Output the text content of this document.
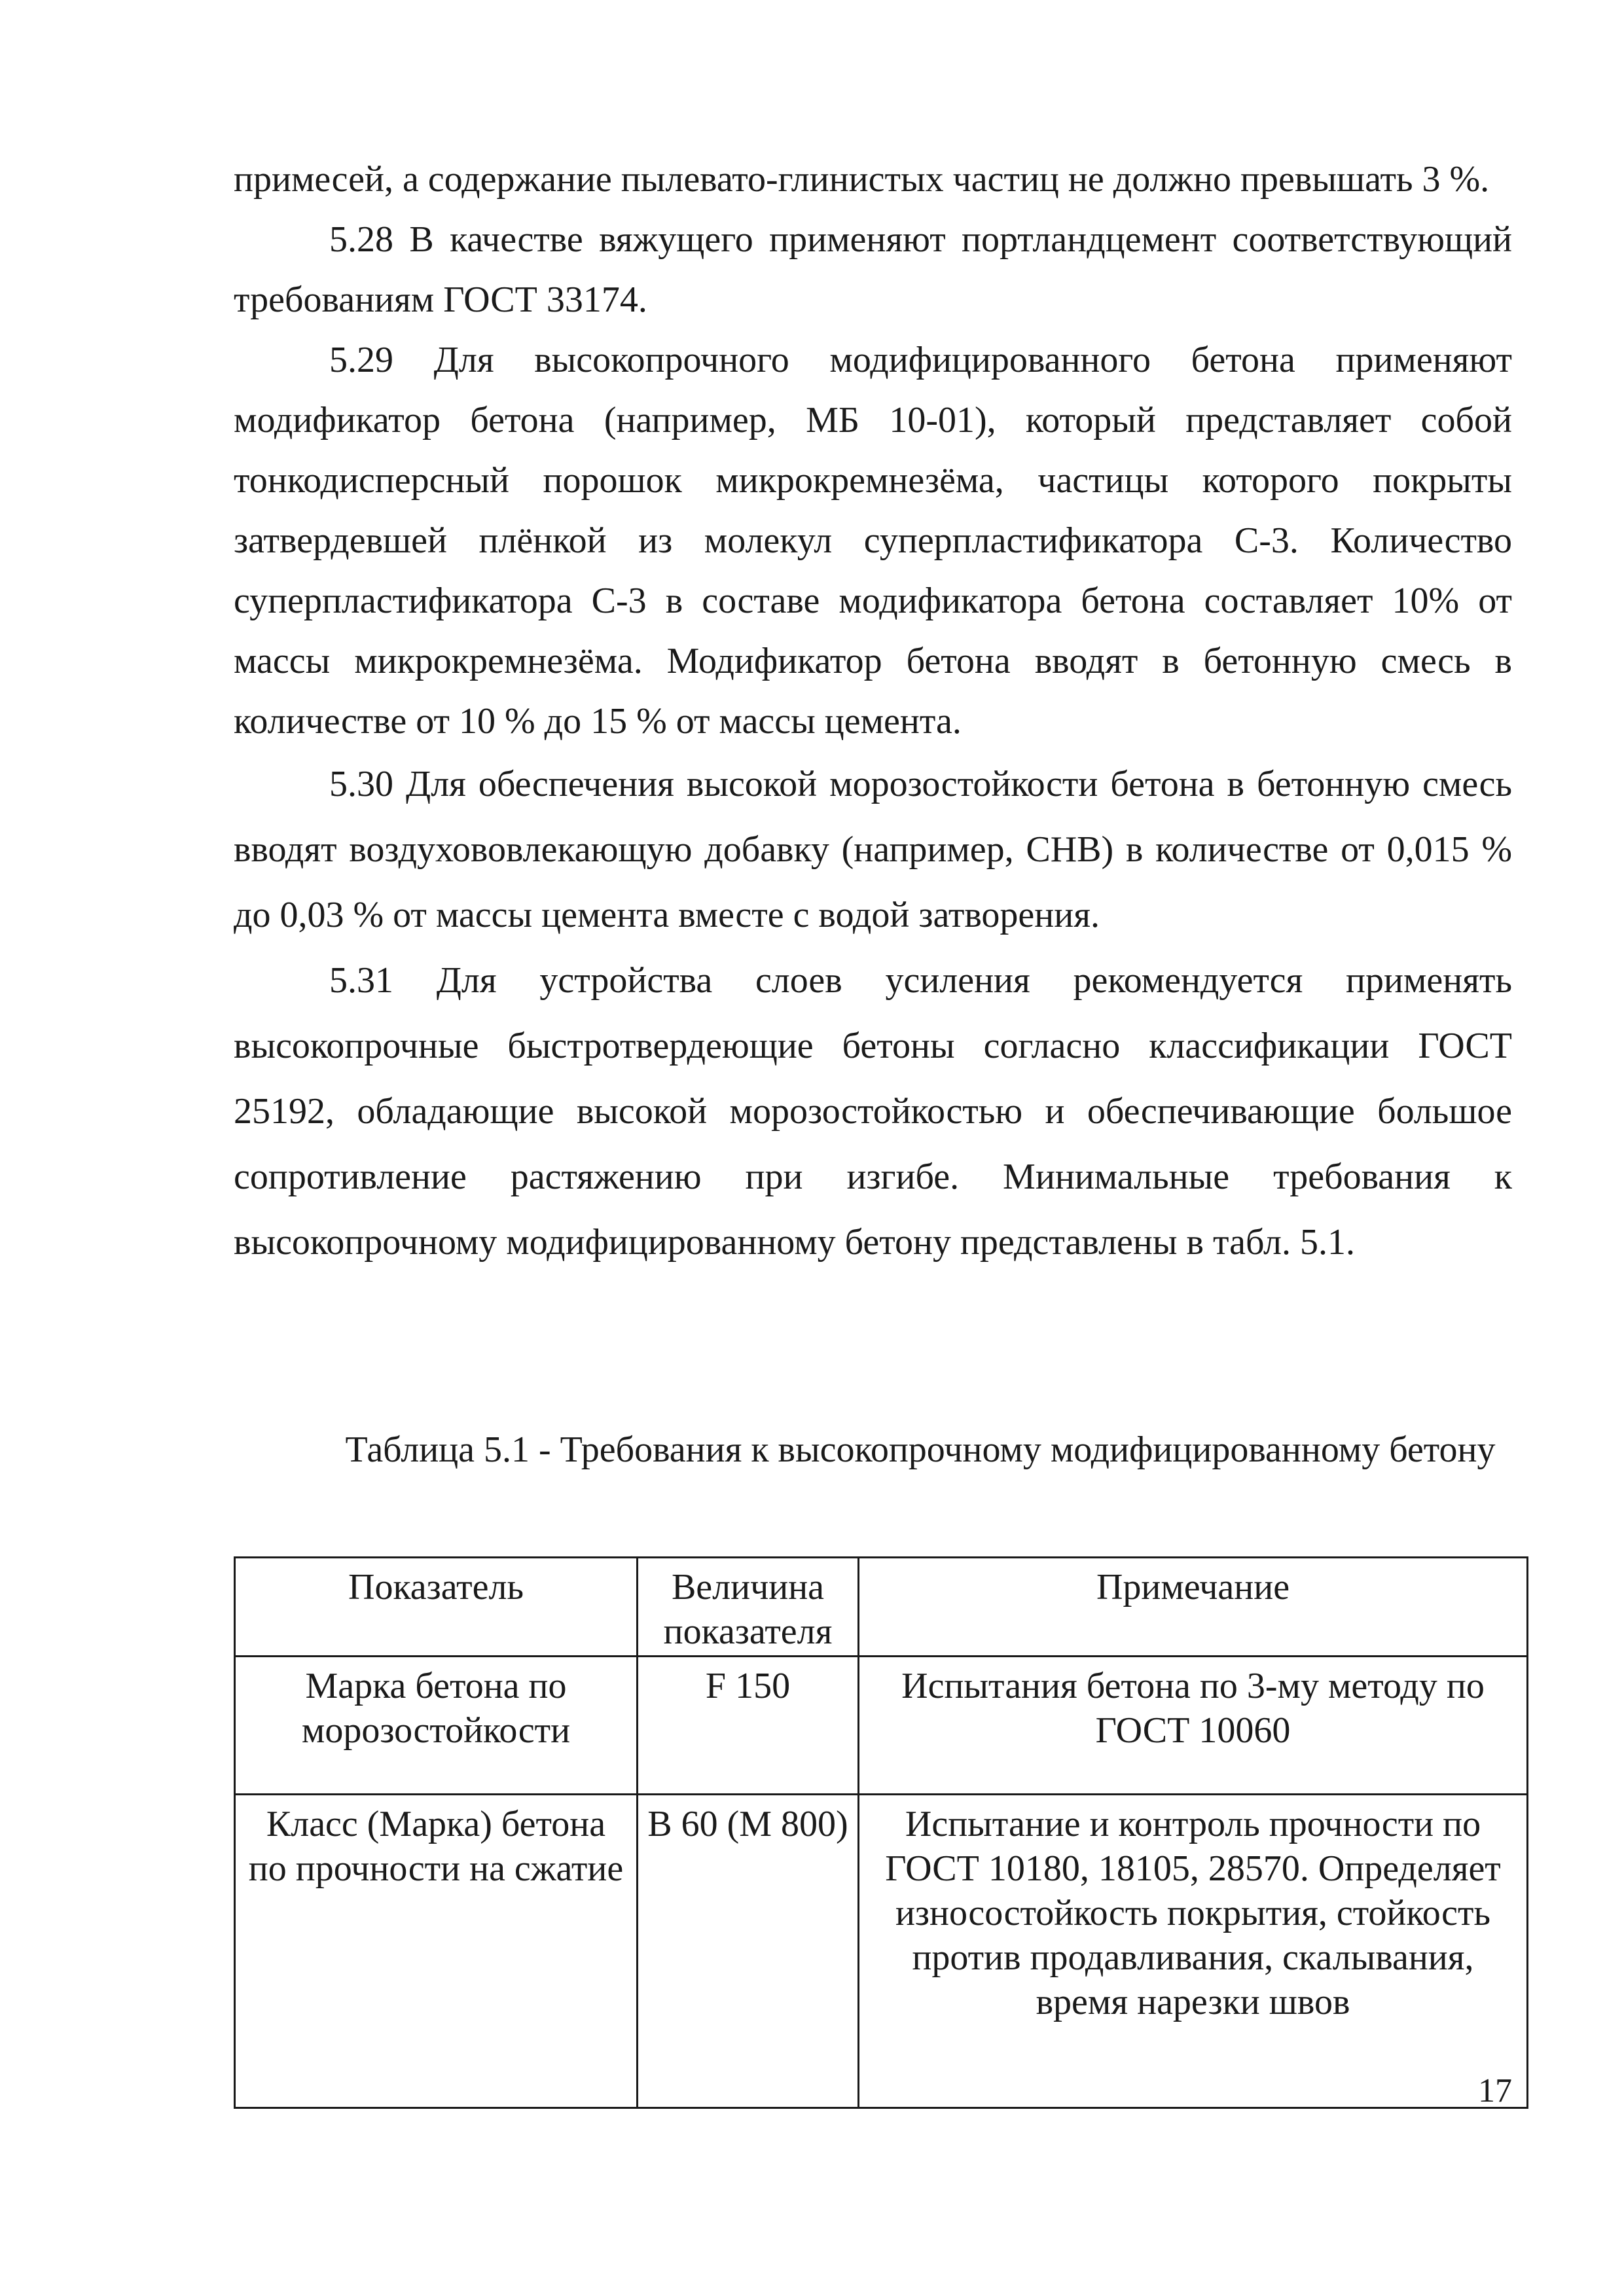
примесей, а содержание пылевато-глинистых частиц не должно превышать 3 %.

5.28 В качестве вяжущего применяют портландцемент соответствующий требованиям ГОСТ 33174.

5.29 Для высокопрочного модифицированного бетона применяют модификатор бетона (например, МБ 10-01), который представляет собой тонкодисперсный порошок микрокремнезёма, частицы которого покрыты затвердевшей плёнкой из молекул суперпластификатора С-3. Количество суперпластификатора С-3 в составе модификатора бетона составляет 10% от массы микрокремнезёма. Модификатор бетона вводят в бетонную смесь в количестве от 10 % до 15 % от массы цемента.

5.30 Для обеспечения высокой морозостойкости бетона в бетонную смесь вводят воздухововлекающую добавку (например, СНВ) в количестве от 0,015 % до 0,03 % от массы цемента вместе с водой затворения.

5.31 Для устройства слоев усиления рекомендуется применять высокопрочные быстротвердеющие бетоны согласно классификации ГОСТ 25192, обладающие высокой морозостойкостью и обеспечивающие большое сопротивление растяжению при изгибе. Минимальные требования к высокопрочному модифицированному бетону представлены в табл. 5.1.

Таблица 5.1 - Требования к высокопрочному модифицированному бетону
Показатель	Величина показателя	Примечание
Марка бетона по морозостойкости	F 150	Испытания бетона по 3-му методу по ГОСТ 10060
Класс (Марка) бетона по прочности на сжатие	В 60 (М 800)	Испытание и контроль прочности по ГОСТ 10180, 18105, 28570. Определяет износостойкость покрытия, стойкость против продавливания, скалывания, время нарезки швов
17
